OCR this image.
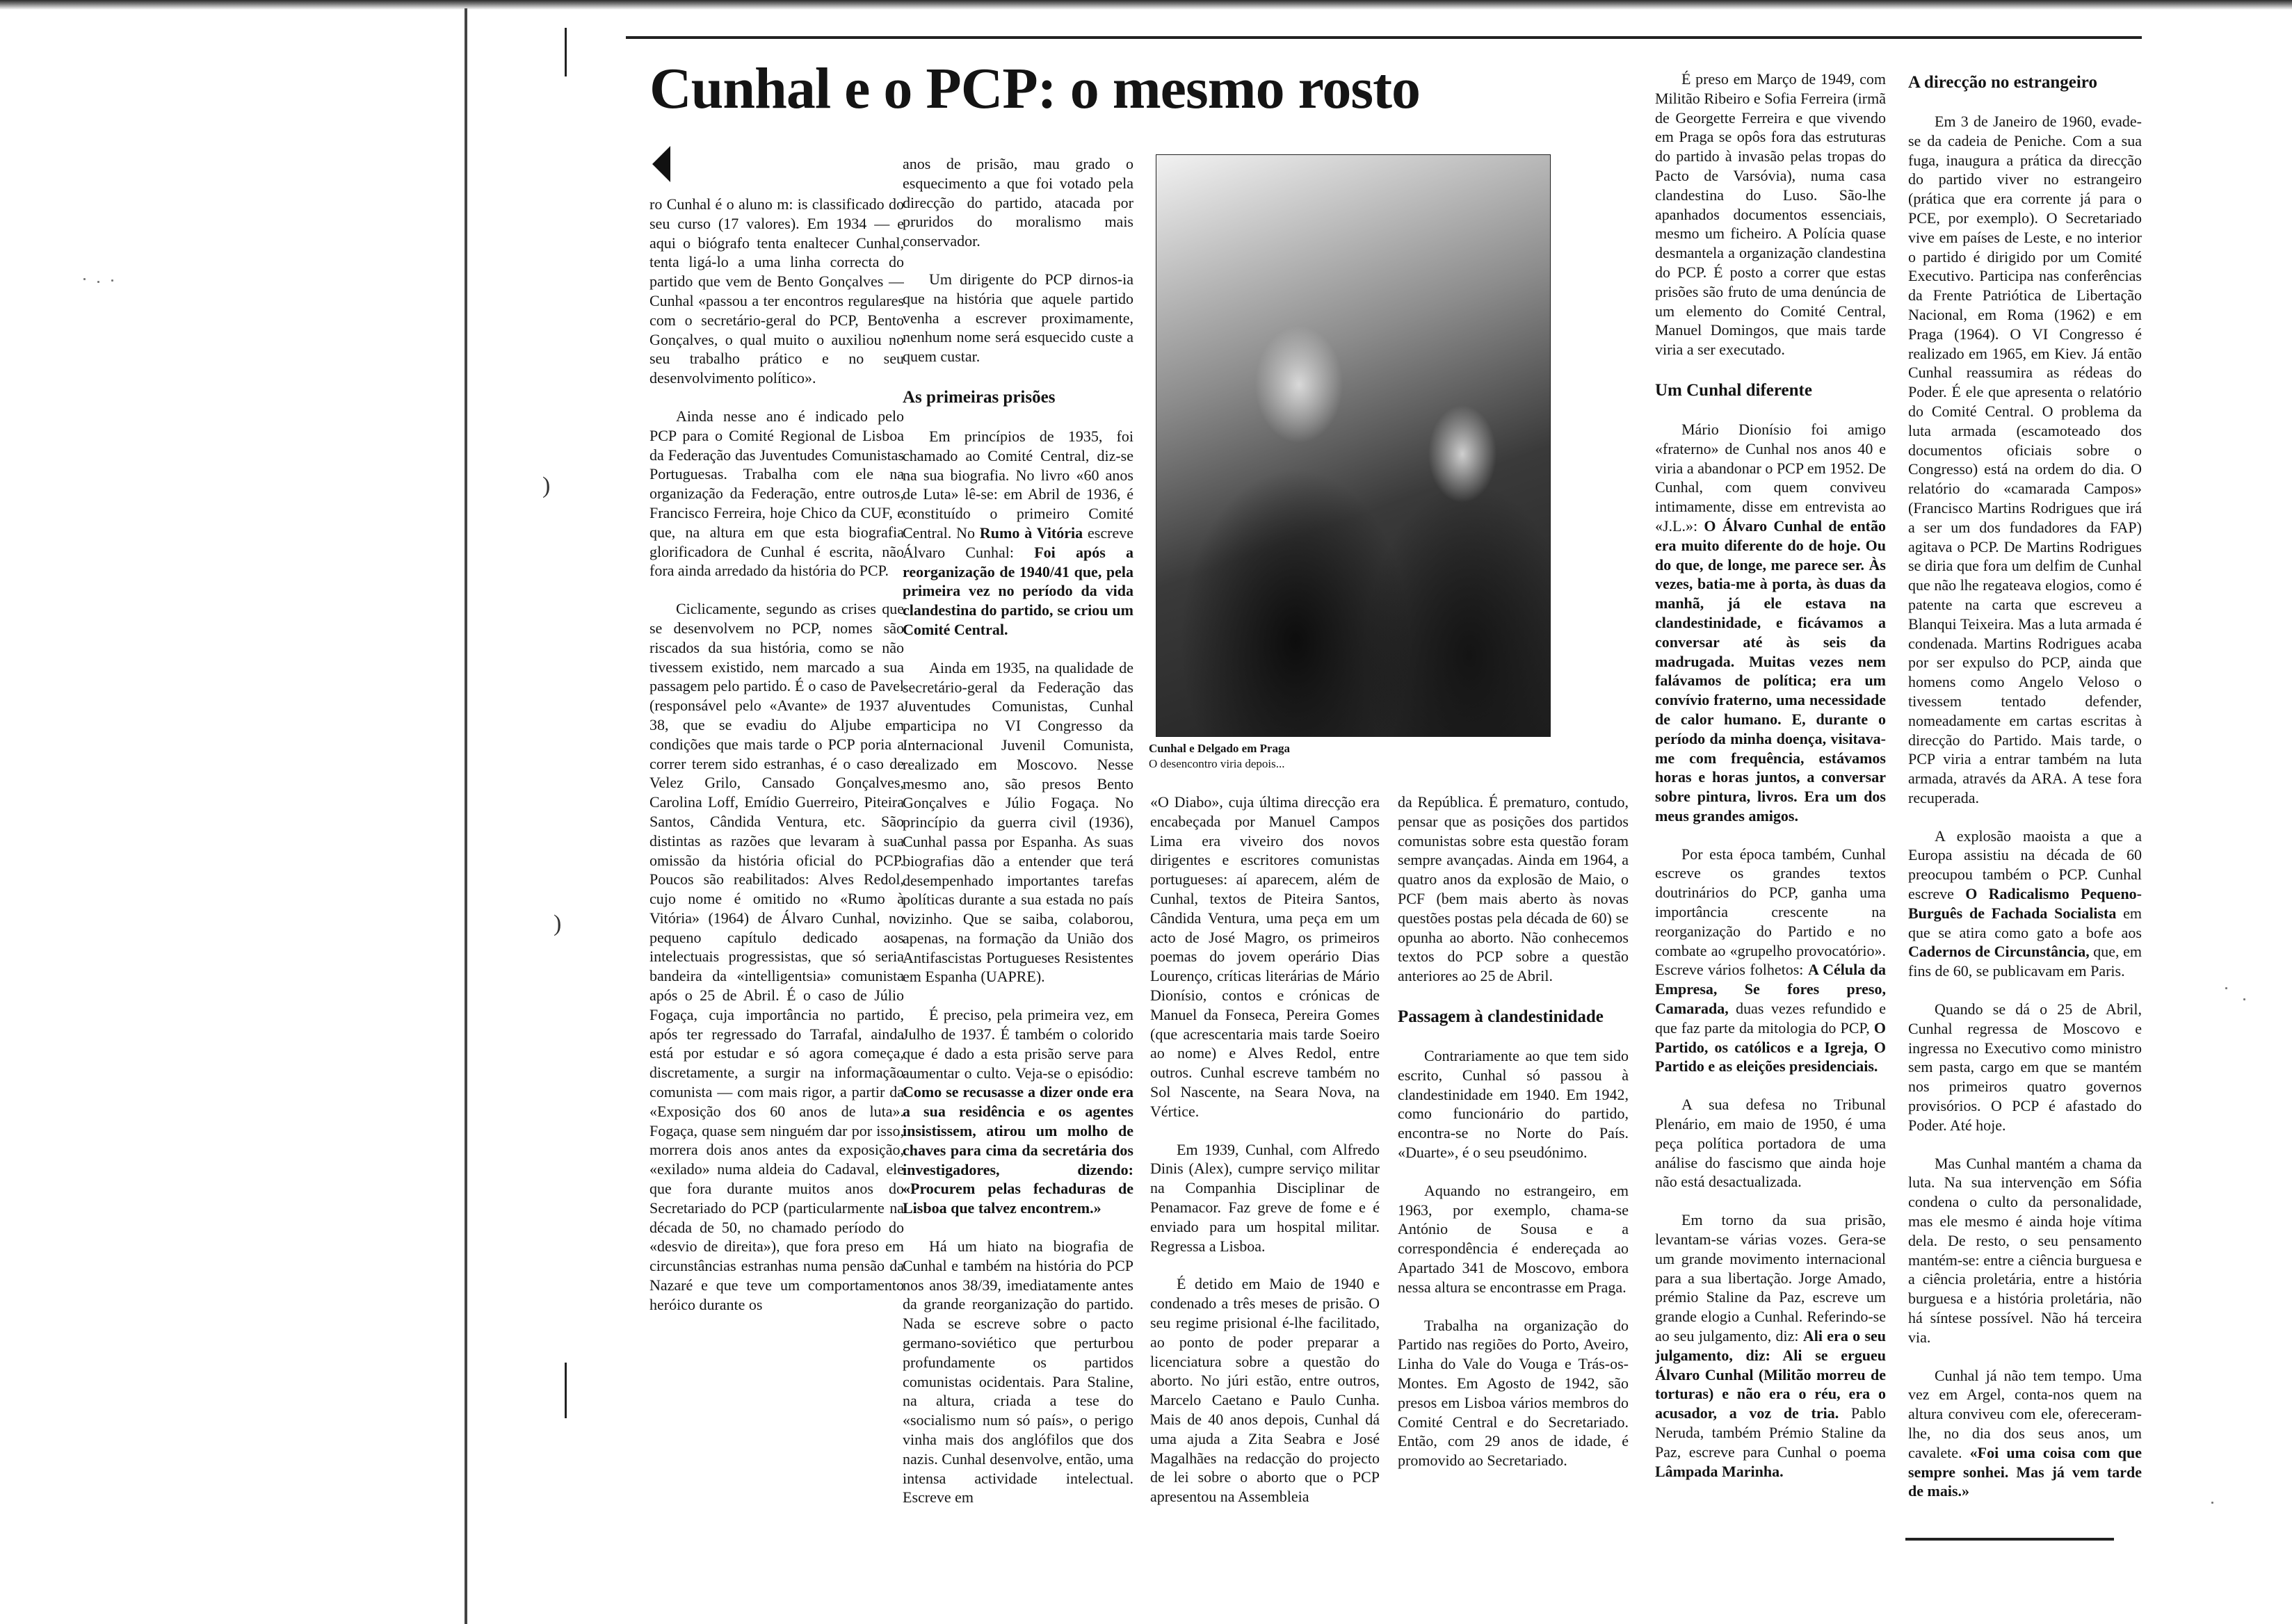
)
)
Cunhal e o PCP: o mesmo rosto

ro Cunhal é o aluno m: is classificado do seu curso (17 valores). Em 1934 — e aqui o biógrafo tenta enaltecer Cunhal, tenta ligá-lo a uma linha correcta do partido que vem de Bento Gonçalves — Cunhal «passou a ter encontros regulares com o secretário-geral do PCP, Bento Gonçalves, o qual muito o auxiliou no seu trabalho prático e no seu desenvolvimento político».

Ainda nesse ano é indicado pelo PCP para o Comité Regional de Lisboa da Federação das Juventudes Comunistas Portuguesas. Trabalha com ele na organização da Federação, entre outros, Francisco Ferreira, hoje Chico da CUF, e que, na altura em que esta biografia glorificadora de Cunhal é escrita, não fora ainda arredado da história do PCP.

Ciclicamente, segundo as crises que se desenvolvem no PCP, nomes são riscados da sua história, como se não tivessem existido, nem marcado a sua passagem pelo partido. É o caso de Pavel (responsável pelo «Avante» de 1937 a 38, que se evadiu do Aljube em condições que mais tarde o PCP poria a correr terem sido estranhas, é o caso de Velez Grilo, Cansado Gonçalves, Carolina Loff, Emídio Guerreiro, Piteira Santos, Cândida Ventura, etc. São distintas as razões que levaram à sua omissão da história oficial do PCP. Poucos são reabilitados: Alves Redol, cujo nome é omitido no «Rumo à Vitória» (1964) de Álvaro Cunhal, no pequeno capítulo dedicado aos intelectuais progressistas, que só seria bandeira da «intelligentsia» comunista após o 25 de Abril. É o caso de Júlio Fogaça, cuja importância no partido, após ter regressado do Tarrafal, ainda está por estudar e só agora começa, discretamente, a surgir na informação comunista — com mais rigor, a partir da «Exposição dos 60 anos de luta». Fogaça, quase sem ninguém dar por isso, morrera dois anos antes da exposição, «exilado» numa aldeia do Cadaval, ele que fora durante muitos anos do Secretariado do PCP (particularmente na década de 50, no chamado período do «desvio de direita»), que fora preso em circunstâncias estranhas numa pensão da Nazaré e que teve um comportamento heróico durante os

anos de prisão, mau grado o esquecimento a que foi votado pela direcção do partido, atacada por pruridos do moralismo mais conservador.

Um dirigente do PCP dirnos-ia que na história que aquele partido venha a escrever proximamente, nenhum nome será esquecido custe a quem custar.

As primeiras prisões

Em princípios de 1935, foi chamado ao Comité Central, diz-se na sua biografia. No livro «60 anos de Luta» lê-se: em Abril de 1936, é constituído o primeiro Comité Central. No Rumo à Vitória escreve Álvaro Cunhal: Foi após a reorganização de 1940/41 que, pela primeira vez no período da vida clandestina do partido, se criou um Comité Central.

Ainda em 1935, na qualidade de secretário-geral da Federação das Juventudes Comunistas, Cunhal participa no VI Congresso da Internacional Juvenil Comunista, realizado em Moscovo. Nesse mesmo ano, são presos Bento Gonçalves e Júlio Fogaça. No princípio da guerra civil (1936), Cunhal passa por Espanha. As suas biografias dão a entender que terá desempenhado importantes tarefas políticas durante a sua estada no país vizinho. Que se saiba, colaborou, apenas, na formação da União dos Antifascistas Portugueses Resistentes em Espanha (UAPRE).

É preciso, pela primeira vez, em Julho de 1937. É também o colorido que é dado a esta prisão serve para aumentar o culto. Veja-se o episódio: Como se recusasse a dizer onde era a sua residência e os agentes insistissem, atirou um molho de chaves para cima da secretária dos investigadores, dizendo: «Procurem pelas fechaduras de Lisboa que talvez encontrem.»

Há um hiato na biografia de Cunhal e também na história do PCP nos anos 38/39, imediatamente antes da grande reorganização do partido. Nada se escreve sobre o pacto germano-soviético que perturbou profundamente os partidos comunistas ocidentais. Para Staline, na altura, criada a tese do «socialismo num só país», o perigo vinha mais dos anglófilos que dos nazis. Cunhal desenvolve, então, uma intensa actividade intelectual. Escreve em

Cunhal e Delgado em Praga
O desencontro viria depois...

«O Diabo», cuja última direcção era encabeçada por Manuel Campos Lima era viveiro dos novos dirigentes e escritores comunistas portugueses: aí aparecem, além de Cunhal, textos de Piteira Santos, Cândida Ventura, uma peça em um acto de José Magro, os primeiros poemas do jovem operário Dias Lourenço, críticas literárias de Mário Dionísio, contos e crónicas de Manuel da Fonseca, Pereira Gomes (que acrescentaria mais tarde Soeiro ao nome) e Alves Redol, entre outros. Cunhal escreve também no Sol Nascente, na Seara Nova, na Vértice.

Em 1939, Cunhal, com Alfredo Dinis (Alex), cumpre serviço militar na Companhia Disciplinar de Penamacor. Faz greve de fome e é enviado para um hospital militar. Regressa a Lisboa.

É detido em Maio de 1940 e condenado a três meses de prisão. O seu regime prisional é-lhe facilitado, ao ponto de poder preparar a licenciatura sobre a questão do aborto. No júri estão, entre outros, Marcelo Caetano e Paulo Cunha. Mais de 40 anos depois, Cunhal dá uma ajuda a Zita Seabra e José Magalhães na redacção do projecto de lei sobre o aborto que o PCP apresentou na Assembleia

da República. É prematuro, contudo, pensar que as posições dos partidos comunistas sobre esta questão foram sempre avançadas. Ainda em 1964, a quatro anos da explosão de Maio, o PCF (bem mais aberto às novas questões postas pela década de 60) se opunha ao aborto. Não conhecemos textos do PCP sobre a questão anteriores ao 25 de Abril.

Passagem à clandestinidade

Contrariamente ao que tem sido escrito, Cunhal só passou à clandestinidade em 1940. Em 1942, como funcionário do partido, encontra-se no Norte do País. «Duarte», é o seu pseudónimo.

Aquando no estrangeiro, em 1963, por exemplo, chama-se António de Sousa e a correspondência é endereçada ao Apartado 341 de Moscovo, embora nessa altura se encontrasse em Praga.

Trabalha na organização do Partido nas regiões do Porto, Aveiro, Linha do Vale do Vouga e Trás-os-Montes. Em Agosto de 1942, são presos em Lisboa vários membros do Comité Central e do Secretariado. Então, com 29 anos de idade, é promovido ao Secretariado.

É preso em Março de 1949, com Militão Ribeiro e Sofia Ferreira (irmã de Georgette Ferreira e que vivendo em Praga se opôs fora das estruturas do partido à invasão pelas tropas do Pacto de Varsóvia), numa casa clandestina do Luso. São-lhe apanhados documentos essenciais, mesmo um ficheiro. A Polícia quase desmantela a organização clandestina do PCP. É posto a correr que estas prisões são fruto de uma denúncia de um elemento do Comité Central, Manuel Domingos, que mais tarde viria a ser executado.

Um Cunhal diferente

Mário Dionísio foi amigo «fraterno» de Cunhal nos anos 40 e viria a abandonar o PCP em 1952. De Cunhal, com quem conviveu intimamente, disse em entrevista ao «J.L.»: O Álvaro Cunhal de então era muito diferente do de hoje. Ou do que, de longe, me parece ser. Às vezes, batia-me à porta, às duas da manhã, já ele estava na clandestinidade, e ficávamos a conversar até às seis da madrugada. Muitas vezes nem falávamos de política; era um convívio fraterno, uma necessidade de calor humano. E, durante o período da minha doença, visitava-me com frequência, estávamos horas e horas juntos, a conversar sobre pintura, livros. Era um dos meus grandes amigos.

Por esta época também, Cunhal escreve os grandes textos doutrinários do PCP, ganha uma importância crescente na reorganização do Partido e no combate ao «grupelho provocatório». Escreve vários folhetos: A Célula da Empresa, Se fores preso, Camarada, duas vezes refundido e que faz parte da mitologia do PCP, O Partido, os católicos e a Igreja, O Partido e as eleições presidenciais.

A sua defesa no Tribunal Plenário, em maio de 1950, é uma peça política portadora de uma análise do fascismo que ainda hoje não está desactualizada.

Em torno da sua prisão, levantam-se várias vozes. Gera-se um grande movimento internacional para a sua libertação. Jorge Amado, prémio Staline da Paz, escreve um grande elogio a Cunhal. Referindo-se ao seu julgamento, diz: Ali era o seu julgamento, diz: Ali se ergueu Álvaro Cunhal (Militão morreu de torturas) e não era o réu, era o acusador, a voz de tria. Pablo Neruda, também Prémio Staline da Paz, escreve para Cunhal o poema Lâmpada Marinha.

A direcção no estrangeiro

Em 3 de Janeiro de 1960, evade-se da cadeia de Peniche. Com a sua fuga, inaugura a prática da direcção do partido viver no estrangeiro (prática que era corrente já para o PCE, por exemplo). O Secretariado vive em países de Leste, e no interior o partido é dirigido por um Comité Executivo. Participa nas conferências da Frente Patriótica de Libertação Nacional, em Roma (1962) e em Praga (1964). O VI Congresso é realizado em 1965, em Kiev. Já então Cunhal reassumira as rédeas do Poder. É ele que apresenta o relatório do Comité Central. O problema da luta armada (escamoteado dos documentos oficiais sobre o Congresso) está na ordem do dia. O relatório do «camarada Campos» (Francisco Martins Rodrigues que irá a ser um dos fundadores da FAP) agitava o PCP. De Martins Rodrigues se diria que fora um delfim de Cunhal que não lhe regateava elogios, como é patente na carta que escreveu a Blanqui Teixeira. Mas a luta armada é condenada. Martins Rodrigues acaba por ser expulso do PCP, ainda que homens como Angelo Veloso o tivessem tentado defender, nomeadamente em cartas escritas à direcção do Partido. Mais tarde, o PCP viria a entrar também na luta armada, através da ARA. A tese fora recuperada.

A explosão maoista a que a Europa assistiu na década de 60 preocupou também o PCP. Cunhal escreve O Radicalismo Pequeno-Burguês de Fachada Socialista em que se atira como gato a bofe aos Cadernos de Circunstância, que, em fins de 60, se publicavam em Paris.

Quando se dá o 25 de Abril, Cunhal regressa de Moscovo e ingressa no Executivo como ministro sem pasta, cargo em que se mantém nos primeiros quatro governos provisórios. O PCP é afastado do Poder. Até hoje.

Mas Cunhal mantém a chama da luta. Na sua intervenção em Sófia condena o culto da personalidade, mas ele mesmo é ainda hoje vítima dela. De resto, o seu pensamento mantém-se: entre a ciência burguesa e a ciência proletária, entre a história burguesa e a história proletária, não há síntese possível. Não há terceira via.

Cunhal já não tem tempo. Uma vez em Argel, conta-nos quem na altura conviveu com ele, ofereceram-lhe, no dia dos seus anos, um cavalete. «Foi uma coisa com que sempre sonhei. Mas já vem tarde de mais.»
